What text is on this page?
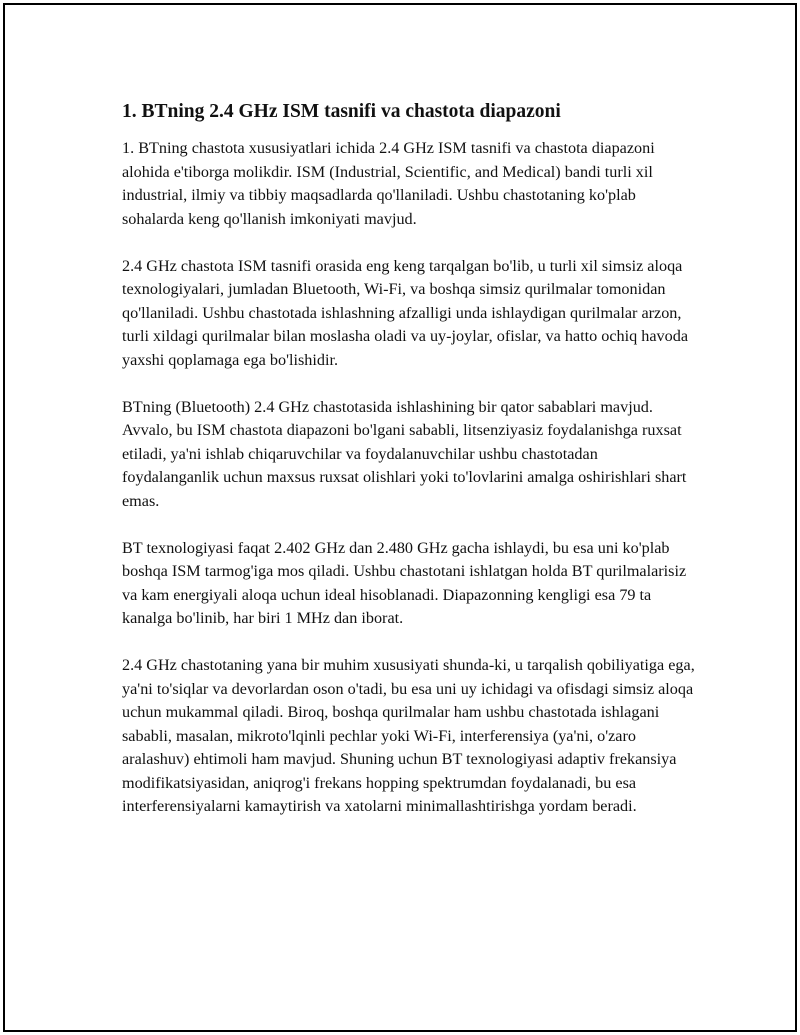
1. BTning 2.4 GHz ISM tasnifi va chastota diapazoni

1. BTning chastota xususiyatlari ichida 2.4 GHz ISM tasnifi va chastota diapazoni alohida e'tiborga molikdir. ISM (Industrial, Scientific, and Medical) bandi turli xil industrial, ilmiy va tibbiy maqsadlarda qo'llaniladi. Ushbu chastotaning ko'plab sohalarda keng qo'llanish imkoniyati mavjud.

2.4 GHz chastota ISM tasnifi orasida eng keng tarqalgan bo'lib, u turli xil simsiz aloqa texnologiyalari, jumladan Bluetooth, Wi-Fi, va boshqa simsiz qurilmalar tomonidan qo'llaniladi. Ushbu chastotada ishlashning afzalligi unda ishlaydigan qurilmalar arzon, turli xildagi qurilmalar bilan moslasha oladi va uy-joylar, ofislar, va hatto ochiq havoda yaxshi qoplamaga ega bo'lishidir.

BTning (Bluetooth) 2.4 GHz chastotasida ishlashining bir qator sabablari mavjud. Avvalo, bu ISM chastota diapazoni bo'lgani sababli, litsenziyasiz foydalanishga ruxsat etiladi, ya'ni ishlab chiqaruvchilar va foydalanuvchilar ushbu chastotadan foydalanganlik uchun maxsus ruxsat olishlari yoki to'lovlarini amalga oshirishlari shart emas.

BT texnologiyasi faqat 2.402 GHz dan 2.480 GHz gacha ishlaydi, bu esa uni ko'plab boshqa ISM tarmog'iga mos qiladi. Ushbu chastotani ishlatgan holda BT qurilmalarisiz va kam energiyali aloqa uchun ideal hisoblanadi. Diapazonning kengligi esa 79 ta kanalga bo'linib, har biri 1 MHz dan iborat.

2.4 GHz chastotaning yana bir muhim xususiyati shunda-ki, u tarqalish qobiliyatiga ega, ya'ni to'siqlar va devorlardan oson o'tadi, bu esa uni uy ichidagi va ofisdagi simsiz aloqa uchun mukammal qiladi. Biroq, boshqa qurilmalar ham ushbu chastotada ishlagani sababli, masalan, mikroto'lqinli pechlar yoki Wi-Fi, interferensiya (ya'ni, o'zaro aralashuv) ehtimoli ham mavjud. Shuning uchun BT texnologiyasi adaptiv frekansiya modifikatsiyasidan, aniqrog'i frekans hopping spektrumdan foydalanadi, bu esa interferensiyalarni kamaytirish va xatolarni minimallashtirishga yordam beradi.
